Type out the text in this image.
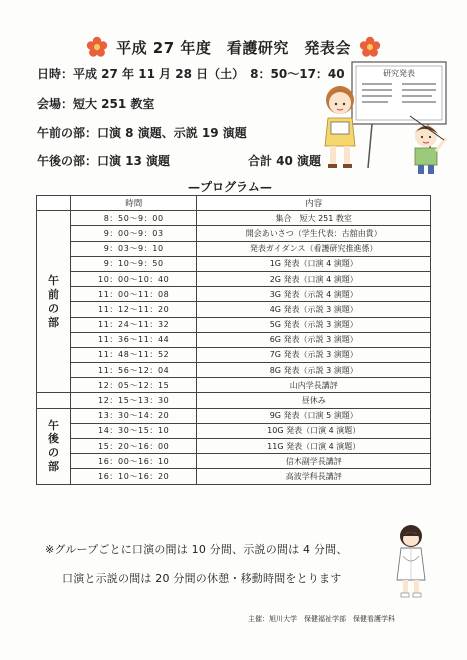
平成 27 年度　看護研究　発表会
日時：平成 27 年 11 月 28 日（土）　8：50～17：40
会場：短大 251 教室
午前の部：口演 8 演題、示説 19 演題
午後の部：口演 13 演題	合計 40 演題
研究発表
—プログラム—
	時間	内容

午
前
の
部	8：50～9：00	集合　短大 251 教室
	9：00～9：03	開会あいさつ（学生代表：古舘由貴）
	9：03～9：10	発表ガイダンス（看護研究推進係）
	9：10～9：50	1G 発表（口演 4 演題）
	10：00～10：40	2G 発表（口演 4 演題）
	11：00～11：08	3G 発表（示説 4 演題）
	11：12～11：20	4G 発表（示説 3 演題）
	11：24～11：32	5G 発表（示説 3 演題）
	11：36～11：44	6G 発表（示説 3 演題）
	11：48～11：52	7G 発表（示説 3 演題）
	11：56～12：04	8G 発表（示説 3 演題）
	12：05～12：15	山内学長講評
	12：15～13：30	昼休み

午
後
の
部	13：30～14：20	9G 発表（口演 5 演題）
	14：30～15：10	10G 発表（口演 4 演題）
	15：20～16：00	11G 発表（口演 4 演題）
	16：00～16：10	信木副学長講評
	16：10～16：20	高波学科長講評
※グループごとに口演の間は 10 分間、示説の間は 4 分間、
口演と示説の間は 20 分間の休憩・移動時間をとります
主催：旭川大学　保健福祉学部　保健看護学科
